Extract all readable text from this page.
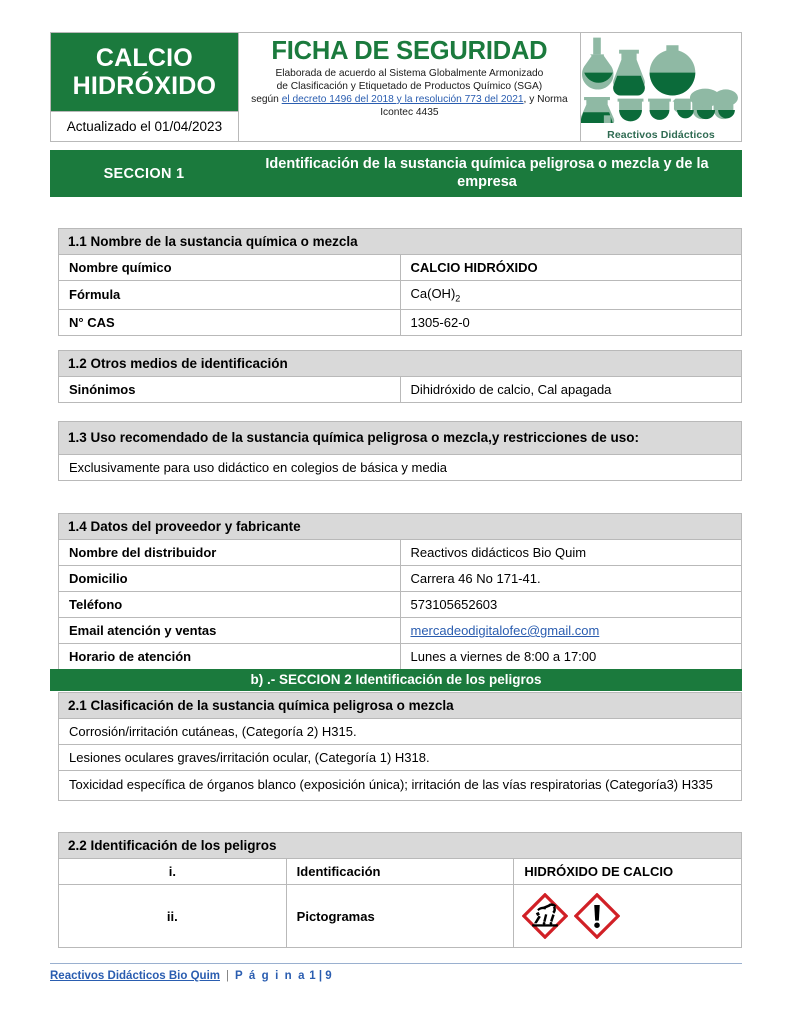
CALCIO HIDRÓXIDO
Actualizado el 01/04/2023
FICHA DE SEGURIDAD
Elaborada de acuerdo al Sistema Globalmente Armonizado
de Clasificación y Etiquetado de Productos Químico (SGA)
según el decreto 1496 del 2018 y la resolución 773 del 2021, y Norma Icontec 4435
Reactivos Didácticos
SECCION 1
Identificación de la sustancia química peligrosa o mezcla y de la empresa
1.1 Nombre de la sustancia química o mezcla	
Nombre químico	CALCIO HIDRÓXIDO
Fórmula	$Ca(OH)_2$
N° CAS	1305-62-0
1.2 Otros medios de identificación
Sinónimos	Dihidróxido de calcio, Cal apagada
1.3 Uso recomendado de la sustancia química peligrosa o mezcla,y restricciones de uso:
Exclusivamente para uso didáctico en colegios de básica y media
1.4 Datos del proveedor y fabricante	
Nombre del distribuidor	Reactivos didácticos Bio Quim
Domicilio	Carrera 46 No 171-41.
Teléfono	573105652603
Email atención y ventas	mercadeodigitalofec@gmail.com
Horario de atención	Lunes a viernes de 8:00 a 17:00
b) .- SECCION 2 Identificación de los peligros
2.1 Clasificación de la sustancia química peligrosa o mezcla
Corrosión/irritación cutáneas, (Categoría 2) H315.
Lesiones oculares graves/irritación ocular, (Categoría 1) H318.
Toxicidad específica de órganos blanco (exposición única); irritación de las vías respiratorias (Categoría3) H335
2.2 Identificación de los peligros		
i.	Identificación	HIDRÓXIDO DE CALCIO
ii.	Pictogramas	
Reactivos Didácticos Bio Quim | P á g i n a 1 | 9
